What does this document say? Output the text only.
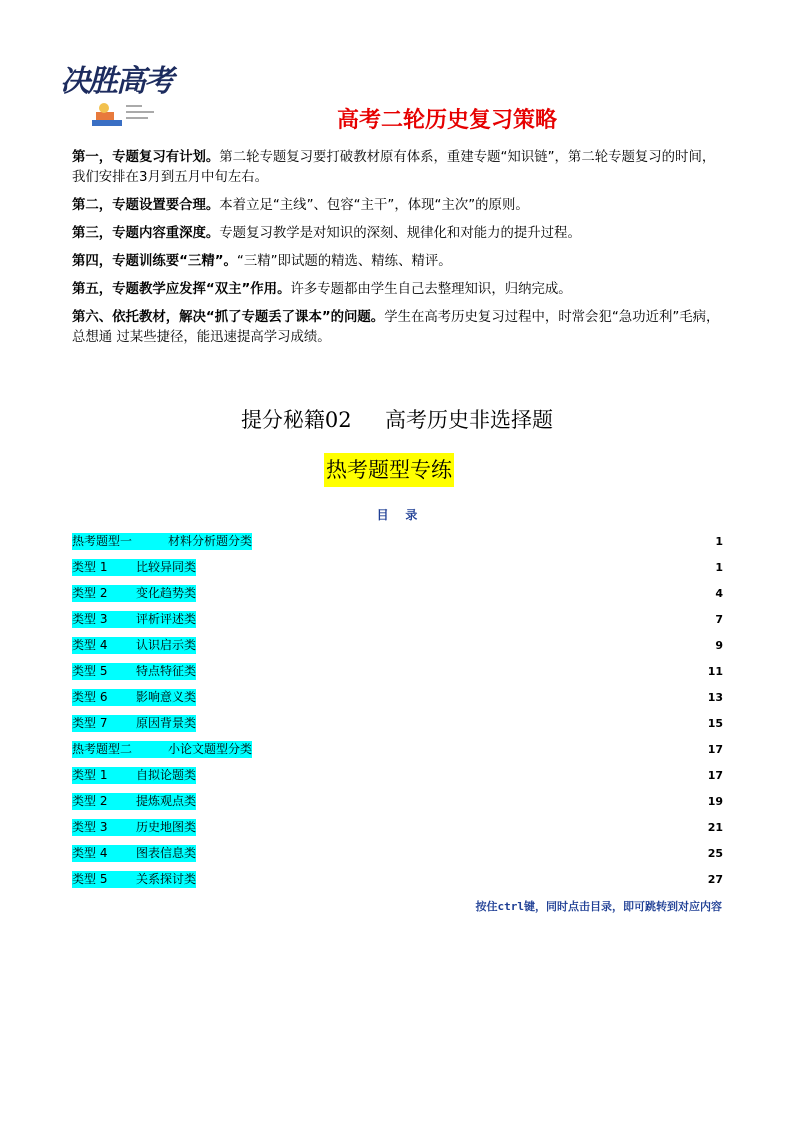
决胜高考
高考二轮历史复习策略

第一，专题复习有计划。第二轮专题复习要打破教材原有体系，重建专题“知识链”，第二轮专题复习的时间，我们安排在3月到五月中旬左右。

第二，专题设置要合理。本着立足“主线”、包容“主干”，体现“主次”的原则。

第三，专题内容重深度。专题复习教学是对知识的深刻、规律化和对能力的提升过程。

第四，专题训练要“三精”。“三精”即试题的精选、精练、精评。

第五，专题教学应发挥“双主”作用。许多专题都由学生自己去整理知识，归纳完成。

第六、依托教材，解决“抓了专题丢了课本”的问题。学生在高考历史复习过程中，时常会犯“急功近利”毛病，总想通 过某些捷径，能迅速提高学习成绩。

提分秘籍02     高考历史非选择题
热考题型专练
目    录
热考题型一	材料分析题分类	1
类型 1 比较异同类	1
类型 2 变化趋势类	4
类型 3 评析评述类	7
类型 4 认识启示类	9
类型 5 特点特征类	11
类型 6 影响意义类	13
类型 7 原因背景类	15
热考题型二	小论文题型分类	17
类型 1 自拟论题类	17
类型 2 提炼观点类	19
类型 3 历史地图类	21
类型 4 图表信息类	25
类型 5 关系探讨类	27
按住ctrl键，同时点击目录，即可跳转到对应内容
